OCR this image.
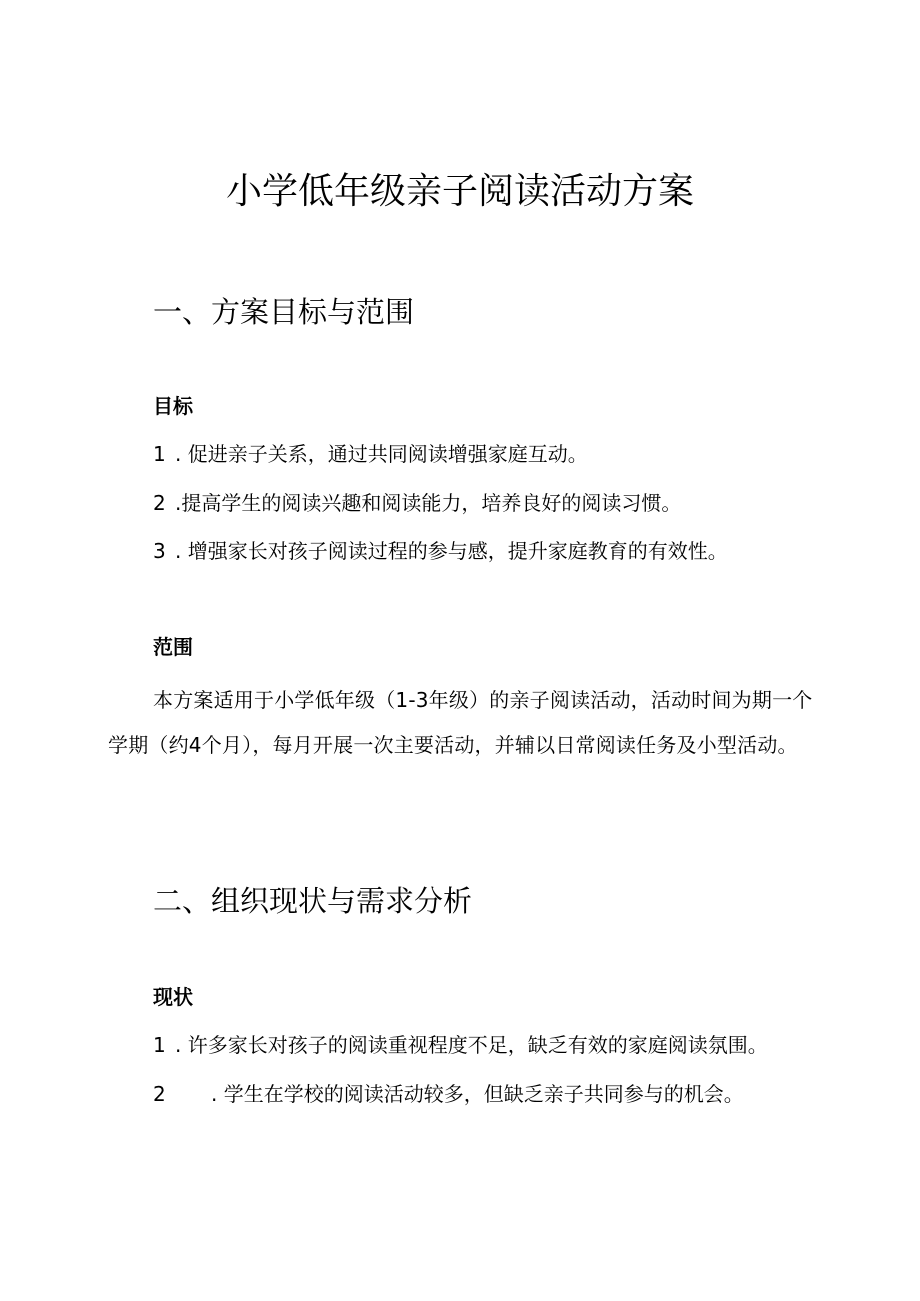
小学低年级亲子阅读活动方案
一、方案目标与范围
目标

1 . 促进亲子关系，通过共同阅读增强家庭互动。

2 .提高学生的阅读兴趣和阅读能力，培养良好的阅读习惯。

3 . 增强家长对孩子阅读过程的参与感，提升家庭教育的有效性。

范围

本方案适用于小学低年级（1-3年级）的亲子阅读活动，活动时间为期一个学期（约4个月），每月开展一次主要活动，并辅以日常阅读任务及小型活动。

二、组织现状与需求分析
现状

1 . 许多家长对孩子的阅读重视程度不足，缺乏有效的家庭阅读氛围。

2 . 学生在学校的阅读活动较多，但缺乏亲子共同参与的机会。
